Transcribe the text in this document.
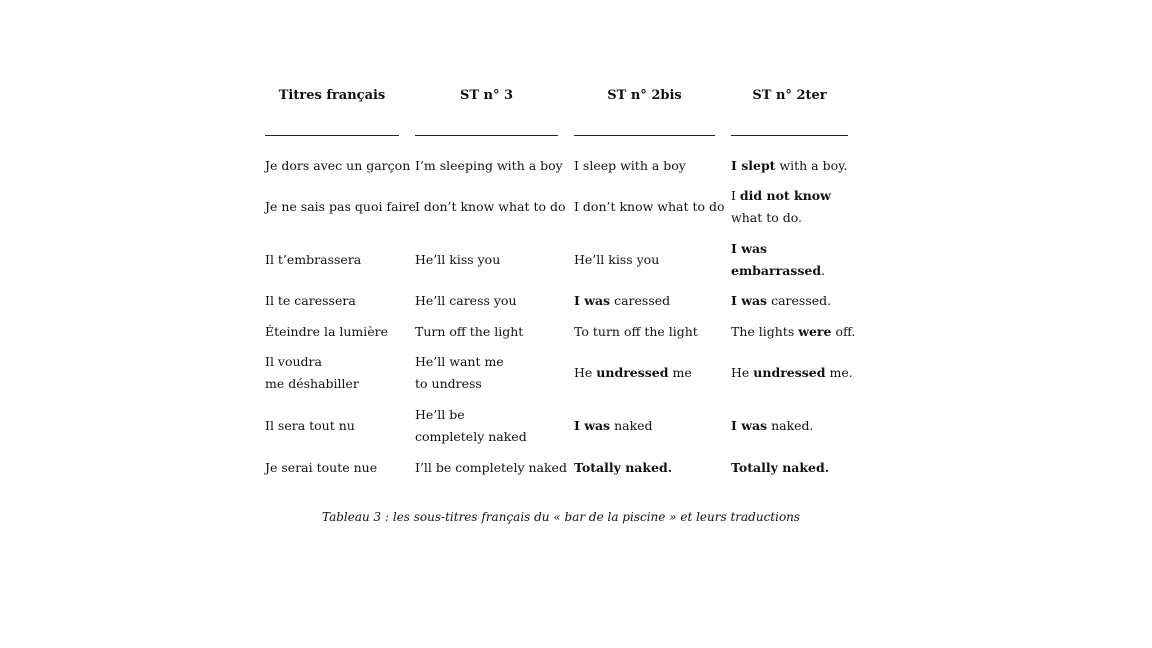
Titres français
Je dors avec un garçon
Je ne sais pas quoi faire
Il t’embrassera
Il te caressera
Éteindre la lumière
Il voudra
me déshabiller
Il sera tout nu
Je serai toute nue
ST n° 3
I’m sleeping with a boy
I don’t know what to do
He’ll kiss you
He’ll caress you
Turn off the light
He’ll want me
to undress
He’ll be
completely naked
I’ll be completely naked
ST n° 2bis
I sleep with a boy
I don’t know what to do
He’ll kiss you
I was caressed
To turn off the light
He undressed me
I was naked
Totally naked.
ST n° 2ter
I slept with a boy.
I did not know
what to do.
I was
embarrassed.
I was caressed.
The lights were off.
He undressed me.
I was naked.
Totally naked.
Tableau 3 : les sous-titres français du « bar de la piscine » et leurs traductions
